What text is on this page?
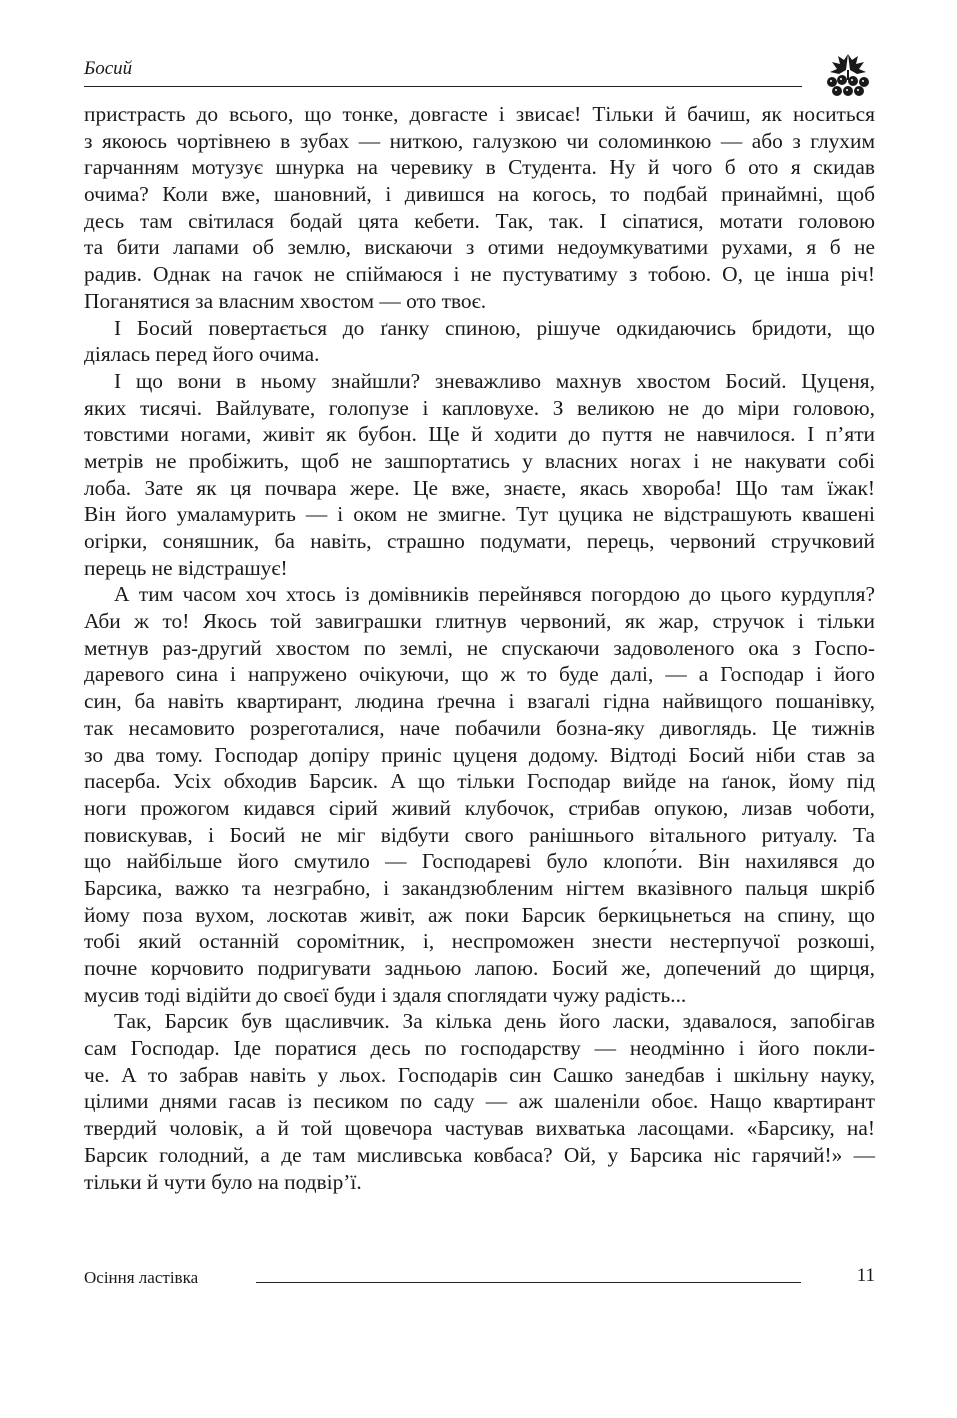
Босий
пристрасть до всього, що тонке, довгасте і звисає! Тільки й бачиш, як носиться
з якоюсь чортівнею в зубах — ниткою, галузкою чи соломинкою — або з глухим
гарчанням мотузує шнурка на черевику в Студента. Ну й чого б ото я скидав
очима? Коли вже, шановний, і дивишся на когось, то подбай принаймні, щоб
десь там світилася бодай цята кебети. Так, так. І сіпатися, мотати головою
та бити лапами об землю, вискаючи з отими недоумкуватими рухами, я б не
радив. Однак на гачок не спіймаюся і не пустуватиму з тобою. О, це інша річ!
Поганятися за власним хвостом — ото твоє.
І Босий повертається до ґанку спиною, рішуче одкидаючись бридоти, що
діялась перед його очима.
І що вони в ньому знайшли? зневажливо махнув хвостом Босий. Цуценя,
яких тисячі. Вайлувате, голопузе і капловухе. З великою не до міри головою,
товстими ногами, живіт як бубон. Ще й ходити до пуття не навчилося. І п’яти
метрів не пробіжить, щоб не зашпортатись у власних ногах і не накувати собі
лоба. Зате як ця почвара жере. Це вже, знаєте, якась хвороба! Що там їжак!
Він його умаламурить — і оком не змигне. Тут цуцика не відстрашують квашені
огірки, соняшник, ба навіть, страшно подумати, перець, червоний стручковий
перець не відстрашує!
А тим часом хоч хтось із домівників перейнявся погордою до цього курдупля?
Аби ж то! Якось той завиграшки глитнув червоний, як жар, стручок і тільки
метнув раз-другий хвостом по землі, не спускаючи задоволеного ока з Госпо-
даревого сина і напружено очікуючи, що ж то буде далі, — а Господар і його
син, ба навіть квартирант, людина ґречна і взагалі гідна найвищого пошанівку,
так несамовито розреготалися, наче побачили бозна-яку дивоглядь. Це тижнів
зо два тому. Господар допіру приніс цуценя додому. Відтоді Босий ніби став за
пасерба. Усіх обходив Барсик. А що тільки Господар вийде на ґанок, йому під
ноги прожогом кидався сірий живий клубочок, стрибав опукою, лизав чоботи,
повискував, і Босий не міг відбути свого ранішнього вітального ритуалу. Та
що найбільше його смутило — Господареві було клопо́ти. Він нахилявся до
Барсика, важко та незграбно, і закандзюбленим нігтем вказівного пальця шкріб
йому поза вухом, лоскотав живіт, аж поки Барсик беркицьнеться на спину, що
тобі який останній соромітник, і, неспроможен знести нестерпучої розкоші,
почне корчовито подригувати задньою лапою. Босий же, допечений до щирця,
мусив тоді відійти до своєї буди і здаля споглядати чужу радість...
Так, Барсик був щасливчик. За кілька день його ласки, здавалося, запобігав
сам Господар. Іде поратися десь по господарству — неодмінно і його покли-
че. А то забрав навіть у льох. Господарів син Сашко занедбав і шкільну науку,
цілими днями гасав із песиком по саду — аж шаленіли обоє. Нащо квартирант
твердий чоловік, а й той щовечора частував вихватька ласощами. «Барсику, на!
Барсик голодний, а де там мисливська ковбаса? Ой, у Барсика ніс гарячий!» —
тільки й чути було на подвір’ї.
Осіння ластівка	11
